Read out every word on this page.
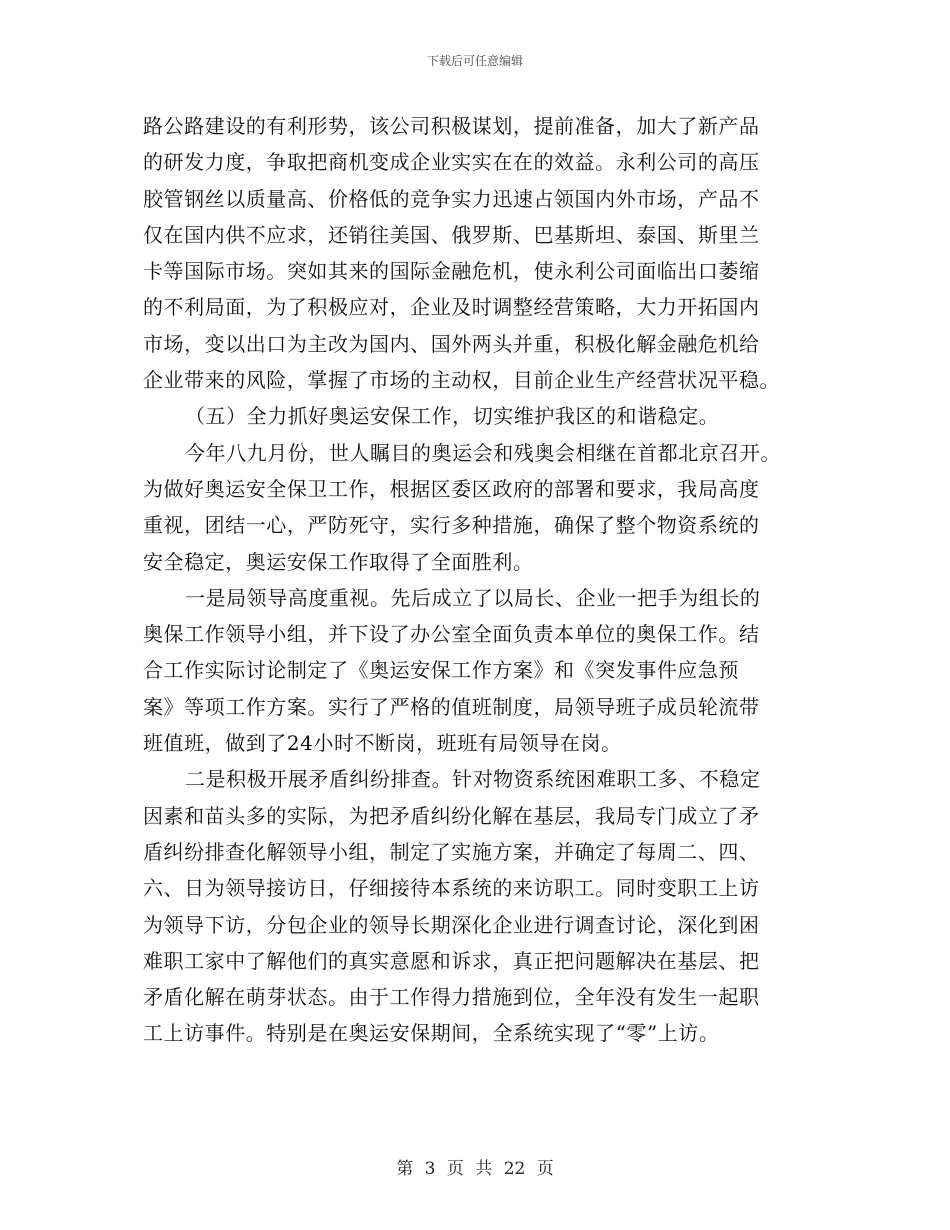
下载后可任意编辑
路公路建设的有利形势，该公司积极谋划，提前准备，加大了新产品
的研发力度，争取把商机变成企业实实在在的效益。永利公司的高压
胶管钢丝以质量高、价格低的竞争实力迅速占领国内外市场，产品不
仅在国内供不应求，还销往美国、俄罗斯、巴基斯坦、泰国、斯里兰
卡等国际市场。突如其来的国际金融危机，使永利公司面临出口萎缩
的不利局面，为了积极应对，企业及时调整经营策略，大力开拓国内
市场，变以出口为主改为国内、国外两头并重，积极化解金融危机给
企业带来的风险，掌握了市场的主动权，目前企业生产经营状况平稳。
（五）全力抓好奥运安保工作，切实维护我区的和谐稳定。
今年八九月份，世人瞩目的奥运会和残奥会相继在首都北京召开。
为做好奥运安全保卫工作，根据区委区政府的部署和要求，我局高度
重视，团结一心，严防死守，实行多种措施，确保了整个物资系统的
安全稳定，奥运安保工作取得了全面胜利。
一是局领导高度重视。先后成立了以局长、企业一把手为组长的
奥保工作领导小组，并下设了办公室全面负责本单位的奥保工作。结
合工作实际讨论制定了《奥运安保工作方案》和《突发事件应急预
案》等项工作方案。实行了严格的值班制度，局领导班子成员轮流带
班值班，做到了24小时不断岗，班班有局领导在岗。
二是积极开展矛盾纠纷排查。针对物资系统困难职工多、不稳定
因素和苗头多的实际，为把矛盾纠纷化解在基层，我局专门成立了矛
盾纠纷排查化解领导小组，制定了实施方案，并确定了每周二、四、
六、日为领导接访日，仔细接待本系统的来访职工。同时变职工上访
为领导下访，分包企业的领导长期深化企业进行调查讨论，深化到困
难职工家中了解他们的真实意愿和诉求，真正把问题解决在基层、把
矛盾化解在萌芽状态。由于工作得力措施到位，全年没有发生一起职
工上访事件。特别是在奥运安保期间，全系统实现了“零”上访。
第 3 页 共 22 页
